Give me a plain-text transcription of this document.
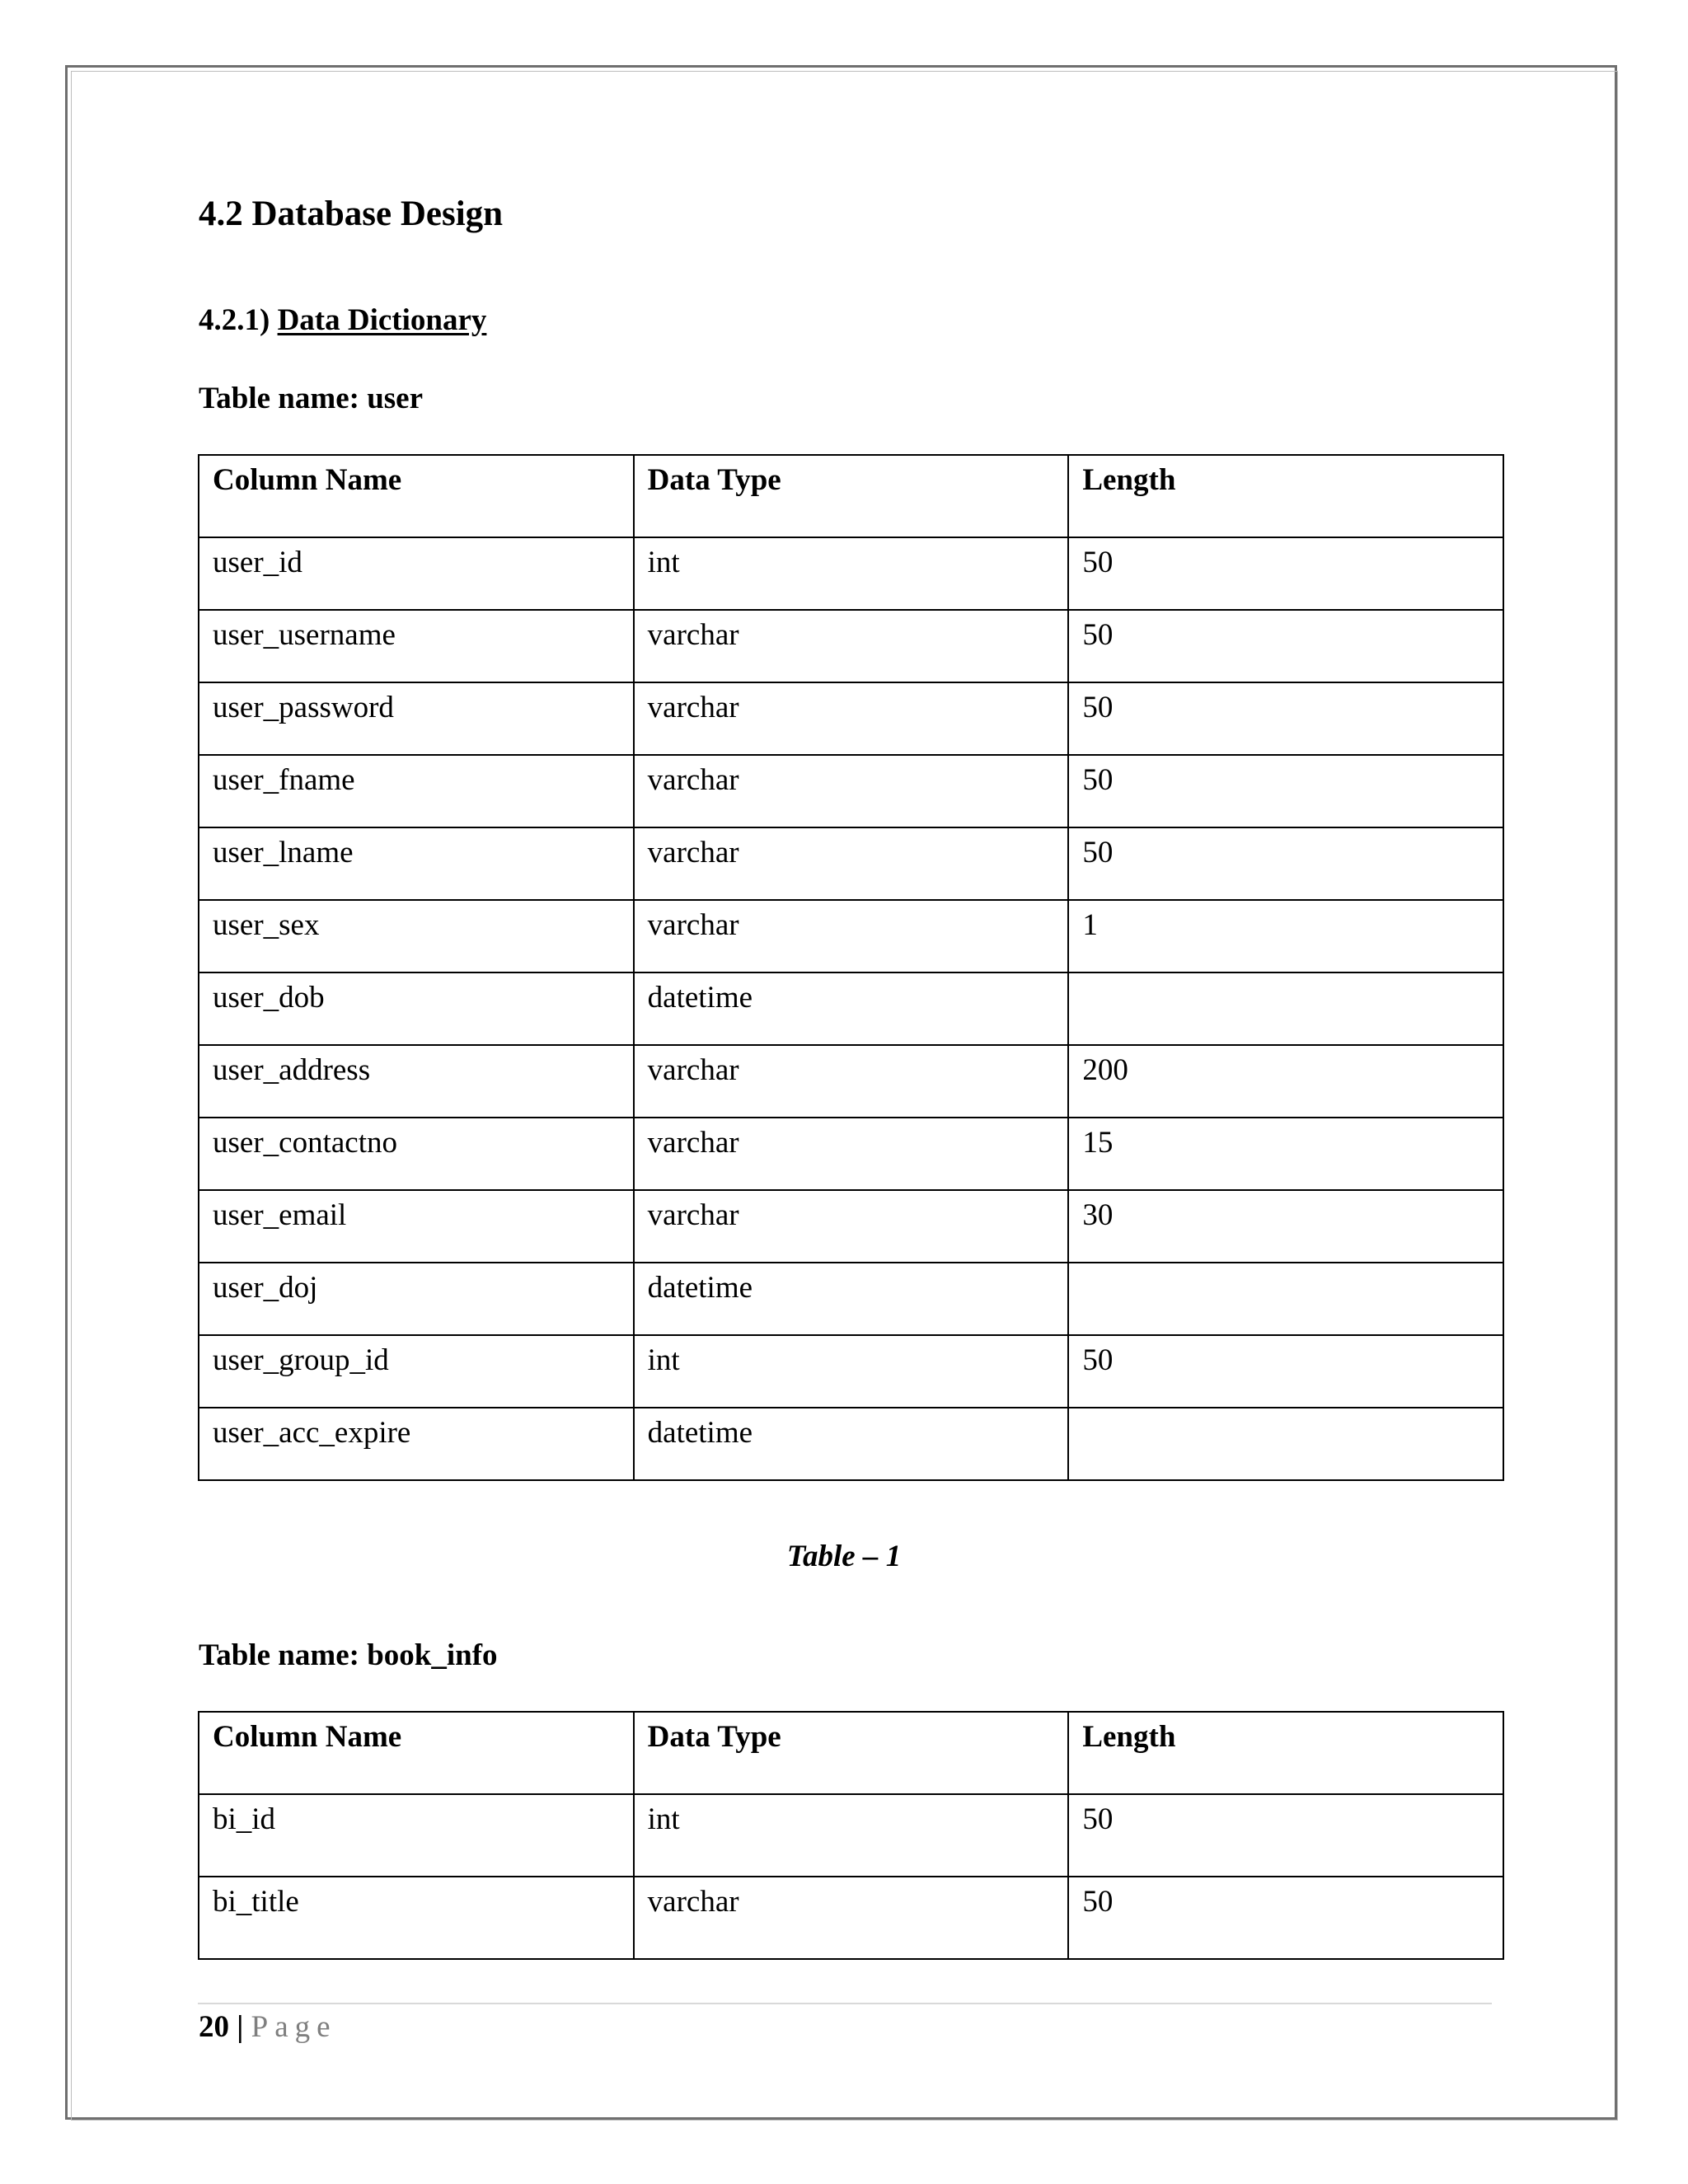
4.2 Database Design
4.2.1) Data Dictionary

Table name: user

Column Name	Data Type	Length
user_id	int	50
user_username	varchar	50
user_password	varchar	50
user_fname	varchar	50
user_lname	varchar	50
user_sex	varchar	1
user_dob	datetime	
user_address	varchar	200
user_contactno	varchar	15
user_email	varchar	30
user_doj	datetime	
user_group_id	int	50
user_acc_expire	datetime	

Table – 1

Table name: book_info

Column Name	Data Type	Length
bi_id	int	50
bi_title	varchar	50
20 | Page
